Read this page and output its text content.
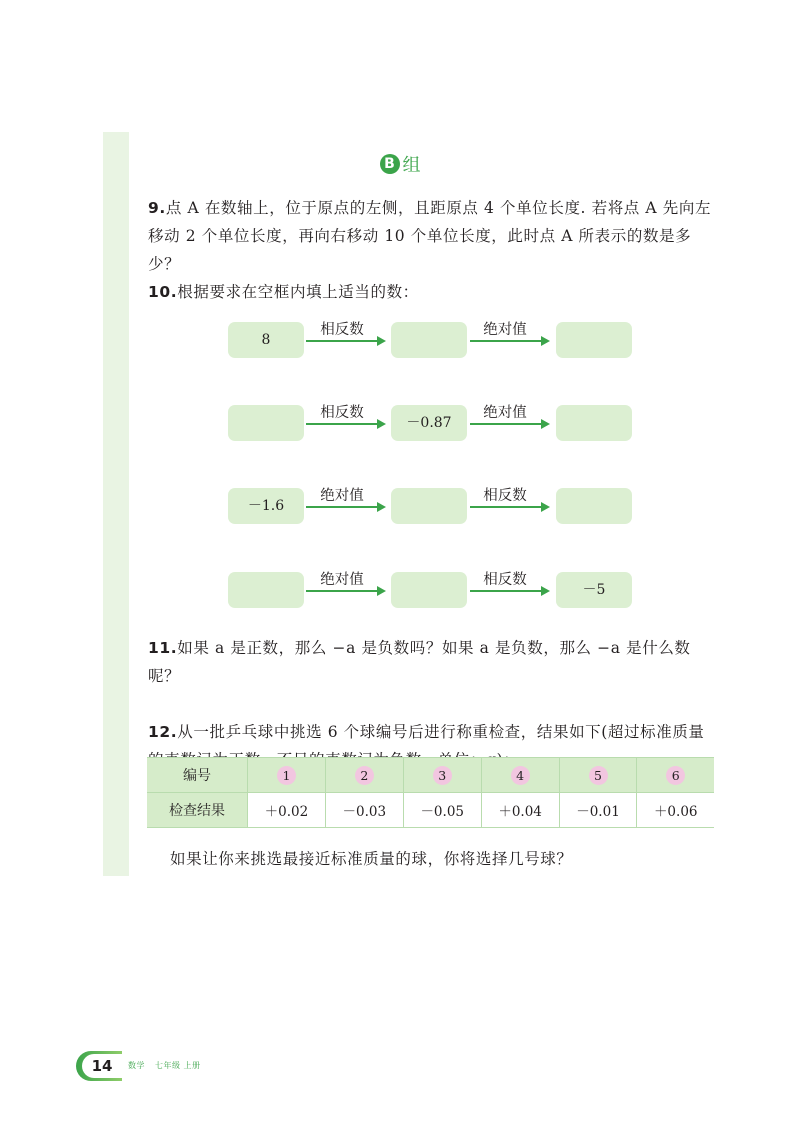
B 组
9.点 A 在数轴上，位于原点的左侧，且距原点 4 个单位长度. 若将点 A 先向左移动 2 个单位长度，再向右移动 10 个单位长度，此时点 A 所表示的数是多少？
10.根据要求在空框内填上适当的数：
8
相反数	绝对值
相反数
－0.87
绝对值
－1.6
绝对值	相反数
绝对值	相反数
－5
11.如果 a 是正数，那么 −a 是负数吗？如果 a 是负数，那么 −a 是什么数呢？
12.从一批乒乓球中挑选 6 个球编号后进行称重检查，结果如下(超过标准质量
编号	1	2	3	4	5	6
检查结果	＋0.02	－0.03	－0.05	＋0.04	－0.01	＋0.06
如果让你来挑选最接近标准质量的球，你将选择几号球？
14	数学 七年级 上册
